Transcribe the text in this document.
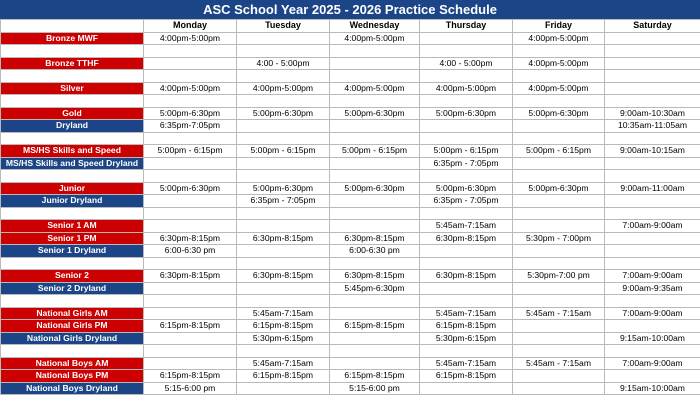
ASC School Year 2025 - 2026 Practice Schedule
	Monday	Tuesday	Wednesday	Thursday	Friday	Saturday
Bronze MWF	4:00pm-5:00pm		4:00pm-5:00pm		4:00pm-5:00pm	

Bronze TTHF		4:00 - 5:00pm		4:00 - 5:00pm	4:00pm-5:00pm	

Silver	4:00pm-5:00pm	4:00pm-5:00pm	4:00pm-5:00pm	4:00pm-5:00pm	4:00pm-5:00pm	

Gold	5:00pm-6:30pm	5:00pm-6:30pm	5:00pm-6:30pm	5:00pm-6:30pm	5:00pm-6:30pm	9:00am-10:30am
Dryland	6:35pm-7:05pm					10:35am-11:05am

MS/HS Skills and Speed	5:00pm - 6:15pm	5:00pm - 6:15pm	5:00pm - 6:15pm	5:00pm - 6:15pm	5:00pm - 6:15pm	9:00am-10:15am
MS/HS Skills and Speed Dryland				6:35pm - 7:05pm		

Junior	5:00pm-6:30pm	5:00pm-6:30pm	5:00pm-6:30pm	5:00pm-6:30pm	5:00pm-6:30pm	9:00am-11:00am
Junior Dryland		6:35pm - 7:05pm		6:35pm - 7:05pm		

Senior 1 AM				5:45am-7:15am		7:00am-9:00am
Senior 1 PM	6:30pm-8:15pm	6:30pm-8:15pm	6:30pm-8:15pm	6:30pm-8:15pm	5:30pm - 7:00pm	
Senior 1 Dryland	6:00-6:30 pm		6:00-6:30 pm			

Senior 2	6:30pm-8:15pm	6:30pm-8:15pm	6:30pm-8:15pm	6:30pm-8:15pm	5:30pm-7:00 pm	7:00am-9:00am
Senior 2 Dryland			5:45pm-6:30pm			9:00am-9:35am

National Girls AM		5:45am-7:15am		5:45am-7:15am	5:45am - 7:15am	7:00am-9:00am
National Girls PM	6:15pm-8:15pm	6:15pm-8:15pm	6:15pm-8:15pm	6:15pm-8:15pm		
National Girls Dryland		5:30pm-6:15pm		5:30pm-6:15pm		9:15am-10:00am

National Boys AM		5:45am-7:15am		5:45am-7:15am	5:45am - 7:15am	7:00am-9:00am
National Boys PM	6:15pm-8:15pm	6:15pm-8:15pm	6:15pm-8:15pm	6:15pm-8:15pm		
National Boys Dryland	5:15-6:00 pm		5:15-6:00 pm			9:15am-10:00am
